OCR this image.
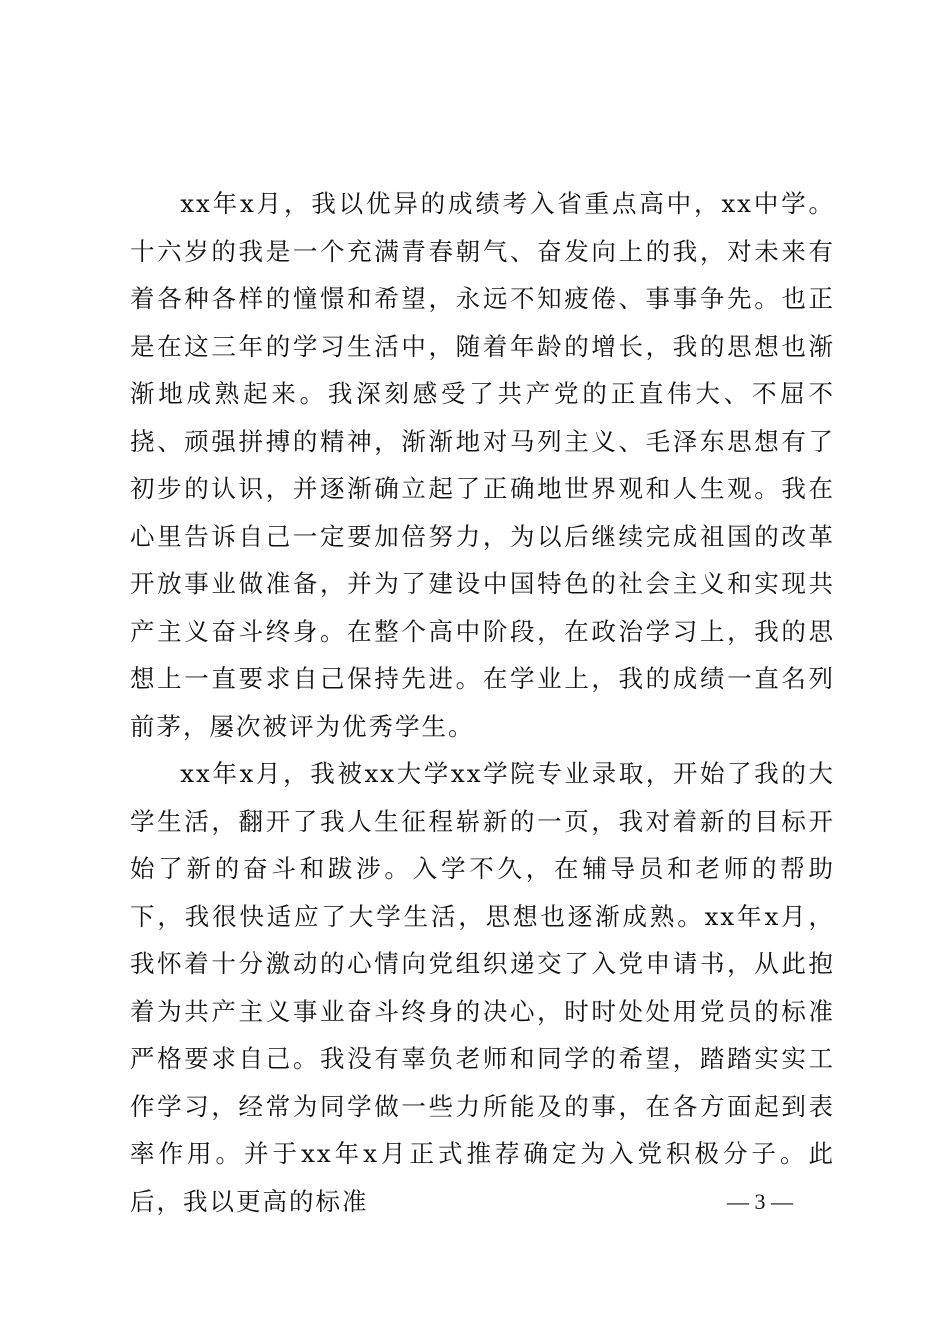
xx年x月，我以优异的成绩考入省重点高中，xx中学。十六岁的我是一个充满青春朝气、奋发向上的我，对未来有着各种各样的憧憬和希望，永远不知疲倦、事事争先。也正是在这三年的学习生活中，随着年龄的增长，我的思想也渐渐地成熟起来。我深刻感受了共产党的正直伟大、不屈不挠、顽强拼搏的精神，渐渐地对马列主义、毛泽东思想有了初步的认识，并逐渐确立起了正确地世界观和人生观。我在心里告诉自己一定要加倍努力，为以后继续完成祖国的改革开放事业做准备，并为了建设中国特色的社会主义和实现共产主义奋斗终身。在整个高中阶段，在政治学习上，我的思想上一直要求自己保持先进。在学业上，我的成绩一直名列前茅，屡次被评为优秀学生。

xx年x月，我被xx大学xx学院专业录取，开始了我的大学生活，翻开了我人生征程崭新的一页，我对着新的目标开始了新的奋斗和跋涉。入学不久，在辅导员和老师的帮助下，我很快适应了大学生活，思想也逐渐成熟。xx年x月，我怀着十分激动的心情向党组织递交了入党申请书，从此抱着为共产主义事业奋斗终身的决心，时时处处用党员的标准严格要求自己。我没有辜负老师和同学的希望，踏踏实实工作学习，经常为同学做一些力所能及的事，在各方面起到表率作用。并于xx年x月正式推荐确定为入党积极分子。此后，我以更高的标准	— 3 —
